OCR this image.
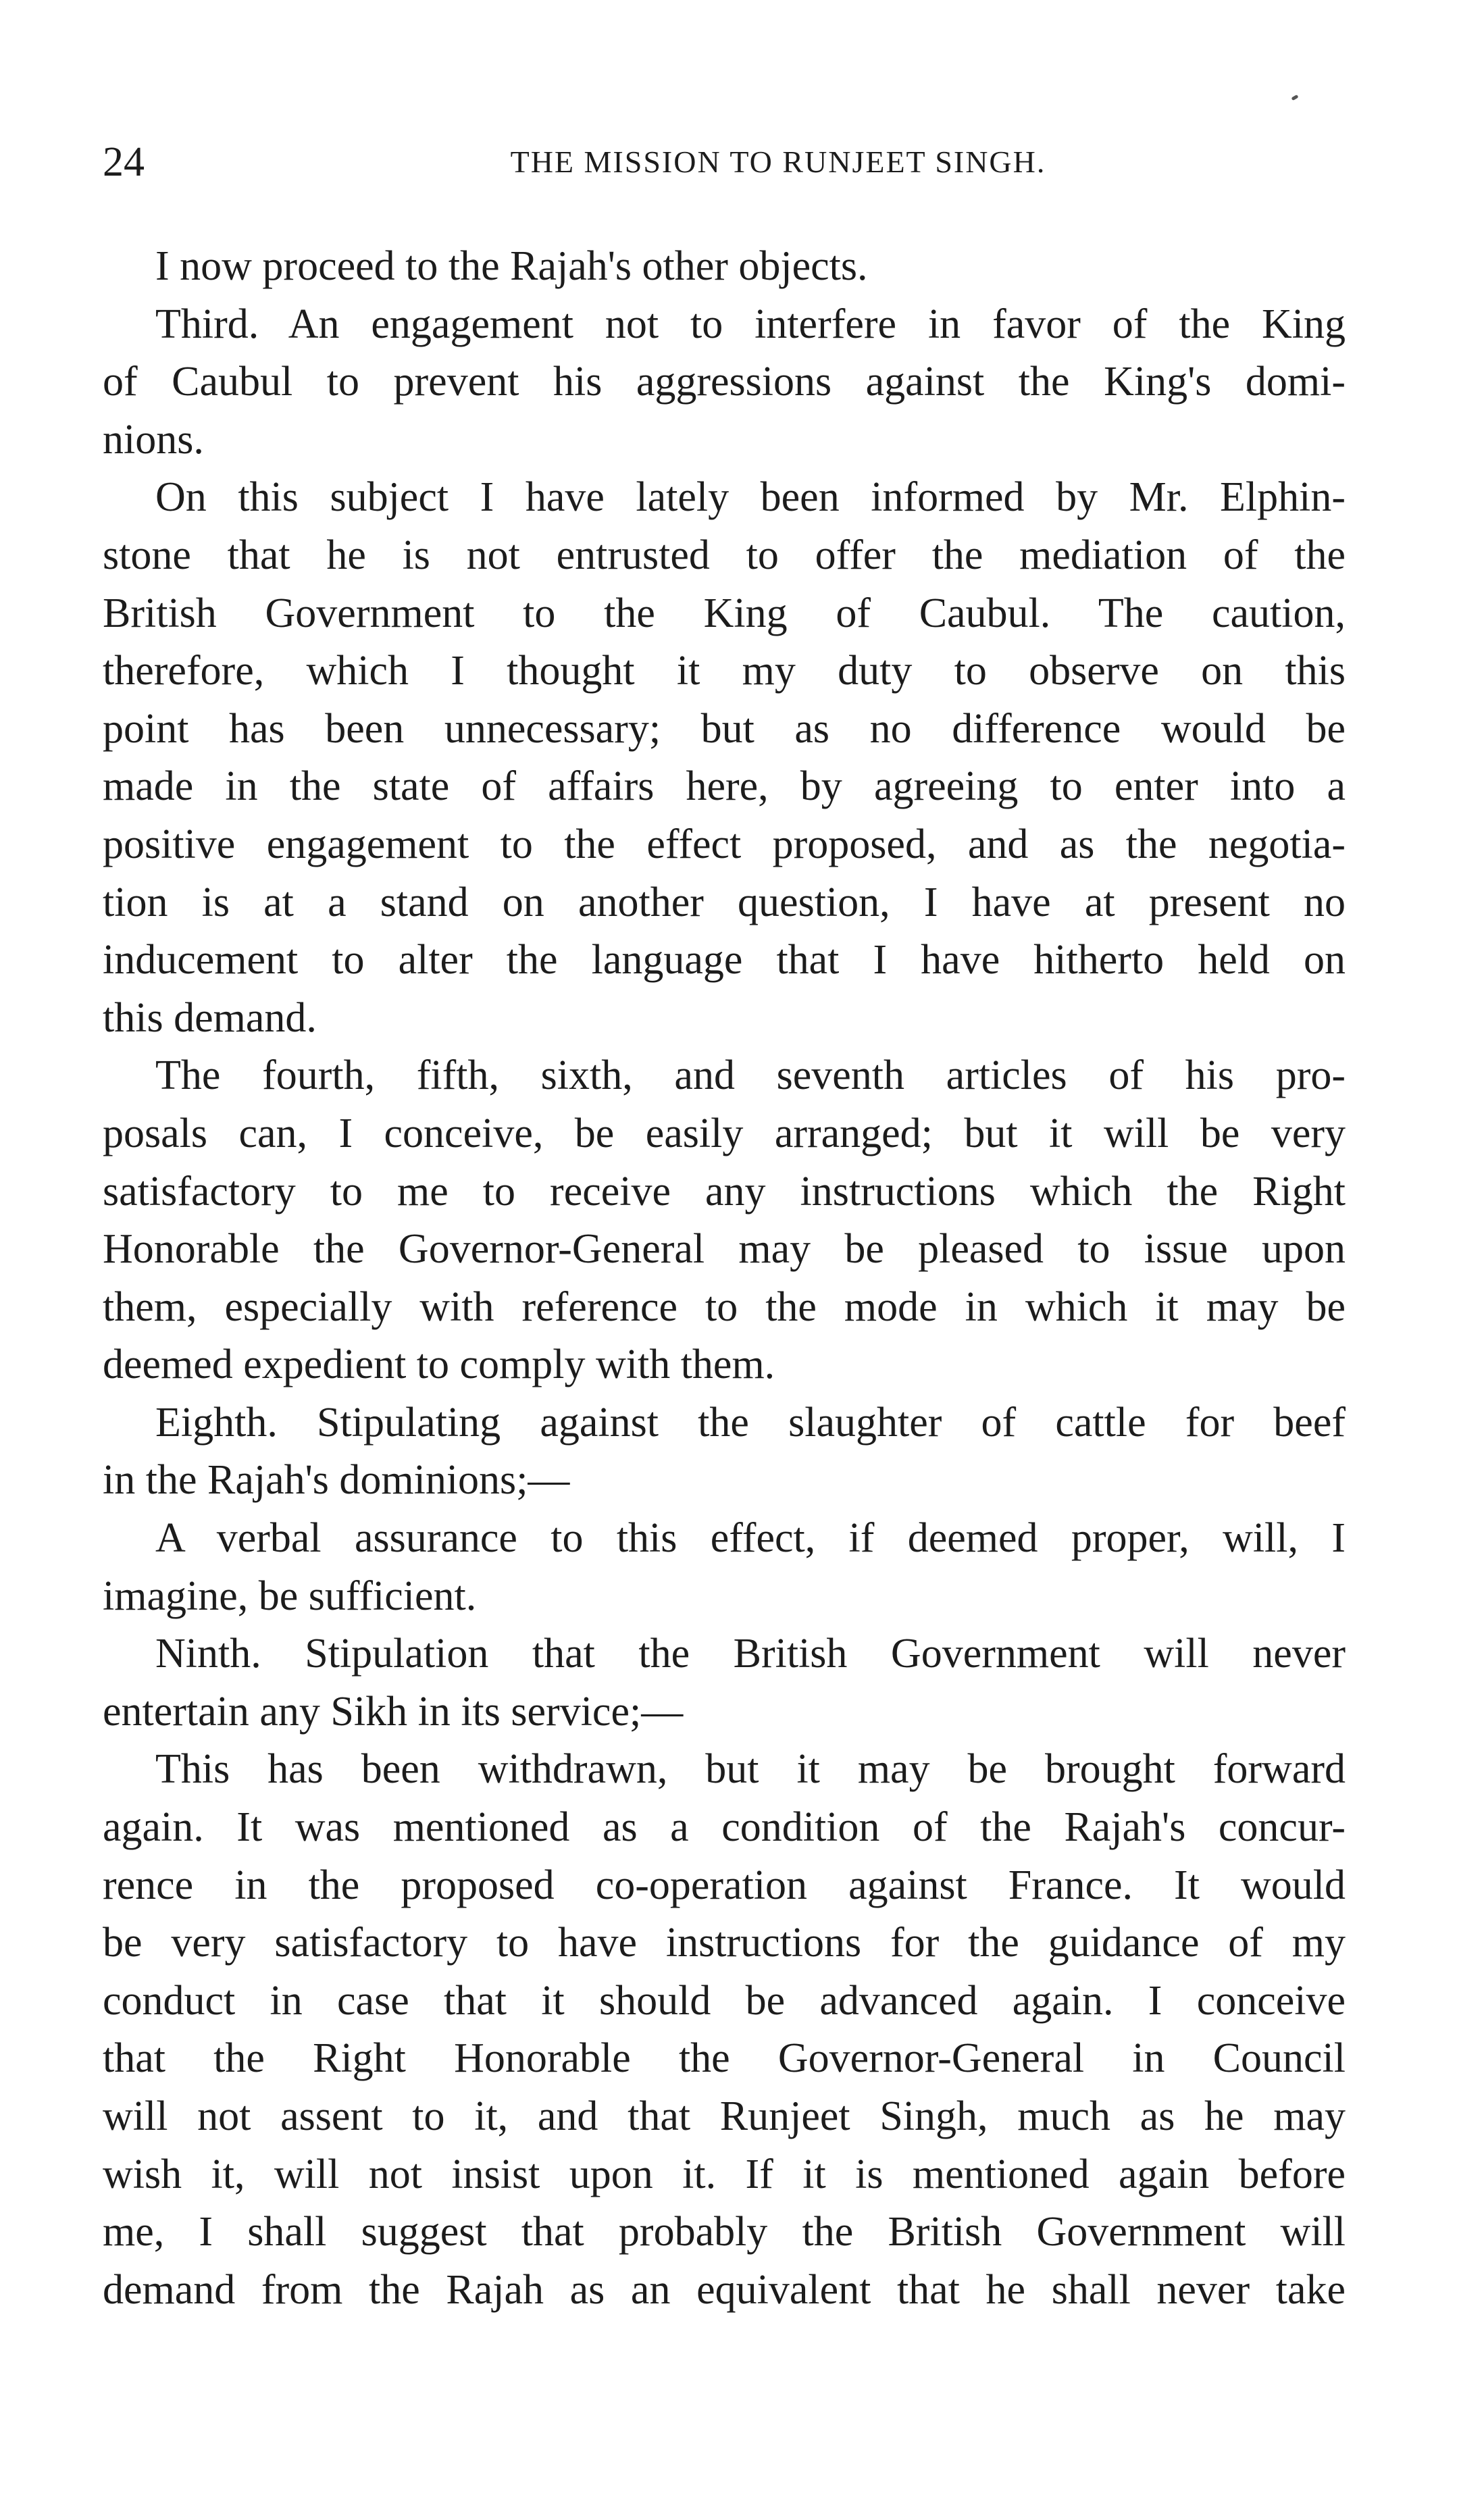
24	THE MISSION TO RUNJEET SINGH.
I now proceed to the Rajah's other objects.
Third. An engagement not to interfere in favor of the King
of Caubul to prevent his aggressions against the King's domi-
nions.
On this subject I have lately been informed by Mr. Elphin-
stone that he is not entrusted to offer the mediation of the
British Government to the King of Caubul. The caution,
therefore, which I thought it my duty to observe on this
point has been unnecessary; but as no difference would be
made in the state of affairs here, by agreeing to enter into a
positive engagement to the effect proposed, and as the negotia-
tion is at a stand on another question, I have at present no
inducement to alter the language that I have hitherto held on
this demand.
The fourth, fifth, sixth, and seventh articles of his pro-
posals can, I conceive, be easily arranged; but it will be very
satisfactory to me to receive any instructions which the Right
Honorable the Governor-General may be pleased to issue upon
them, especially with reference to the mode in which it may be
deemed expedient to comply with them.
Eighth. Stipulating against the slaughter of cattle for beef
in the Rajah's dominions;—
A verbal assurance to this effect, if deemed proper, will, I
imagine, be sufficient.
Ninth. Stipulation that the British Government will never
entertain any Sikh in its service;—
This has been withdrawn, but it may be brought forward
again. It was mentioned as a condition of the Rajah's concur-
rence in the proposed co-operation against France. It would
be very satisfactory to have instructions for the guidance of my
conduct in case that it should be advanced again. I conceive
that the Right Honorable the Governor-General in Council
will not assent to it, and that Runjeet Singh, much as he may
wish it, will not insist upon it. If it is mentioned again before
me, I shall suggest that probably the British Government will
demand from the Rajah as an equivalent that he shall never take
